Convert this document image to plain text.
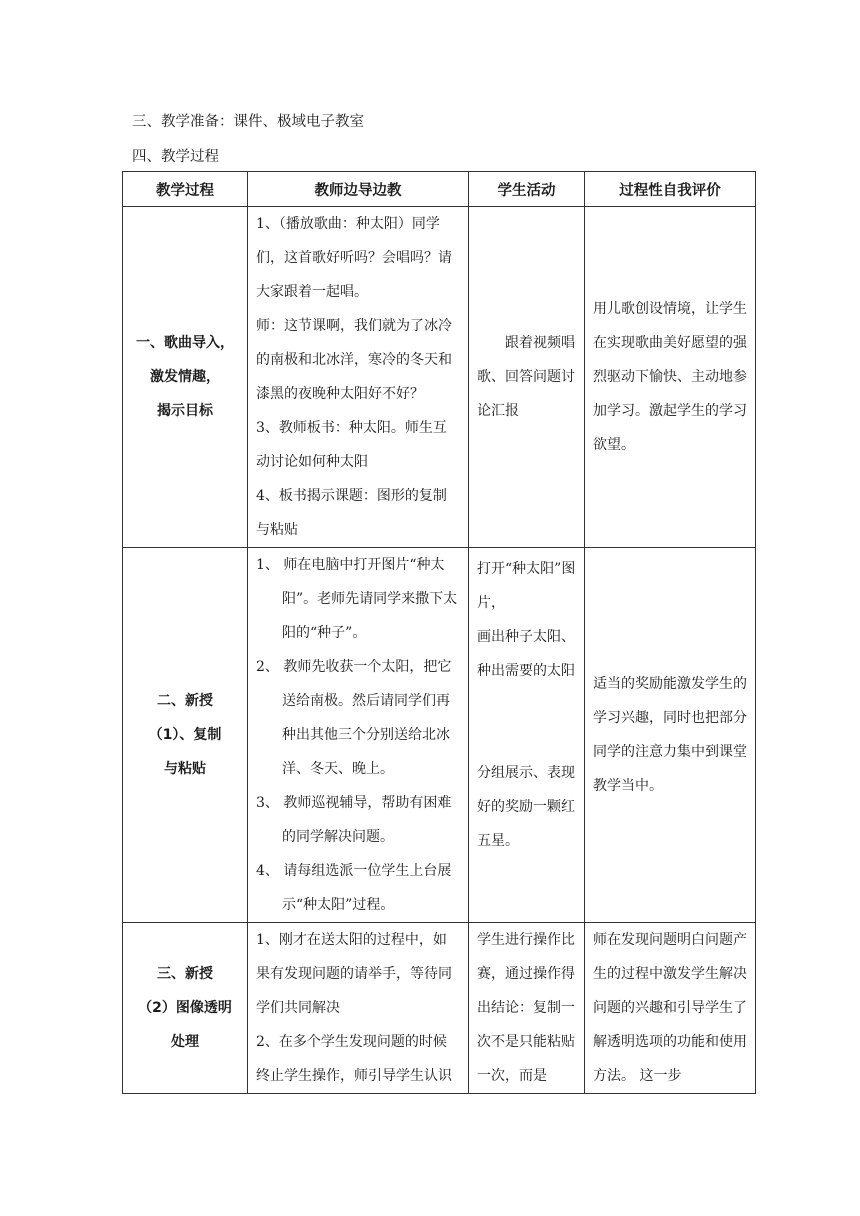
三、教学准备：课件、极域电子教室
四、教学过程
教学过程	教师边导边教	学生活动	过程性自我评价

一、歌曲导入，
激发情趣，
揭示目标	1、（播放歌曲：种太阳）同学们，这首歌好听吗？会唱吗？请大家跟着一起唱。
师：这节课啊，我们就为了冰冷的南极和北冰洋，寒冷的冬天和漆黑的夜晚种太阳好不好？
3、教师板书：种太阳。师生互动讨论如何种太阳
4、板书揭示课题：图形的复制与粘贴	跟着视频唱歌、回答问题讨论汇报	用儿歌创设情境，让学生在实现歌曲美好愿望的强烈驱动下愉快、主动地参加学习。激起学生的学习欲望。

二、新授
（1）、复制
与粘贴	1、 师在电脑中打开图片“种太阳”。老师先请同学来撒下太阳的“种子”。
2、 教师先收获一个太阳，把它送给南极。然后请同学们再种出其他三个分别送给北冰洋、冬天、晚上。
3、 教师巡视辅导，帮助有困难的同学解决问题。
4、 请每组选派一位学生上台展示“种太阳”过程。	打开“种太阳”图片，
画出种子太阳、种出需要的太阳
分组展示、表现好的奖励一颗红五星。	适当的奖励能激发学生的学习兴趣，同时也把部分同学的注意力集中到课堂教学当中。

三、新授
（2）图像透明
处理	1、刚才在送太阳的过程中，如果有发现问题的请举手，等待同学们共同解决
2、在多个学生发现问题的时候终止学生操作，师引导学生认识	学生进行操作比赛，通过操作得出结论：复制一次不是只能粘贴一次，而是	师在发现问题明白问题产生的过程中激发学生解决问题的兴趣和引导学生了解透明选项的功能和使用方法。 这一步
